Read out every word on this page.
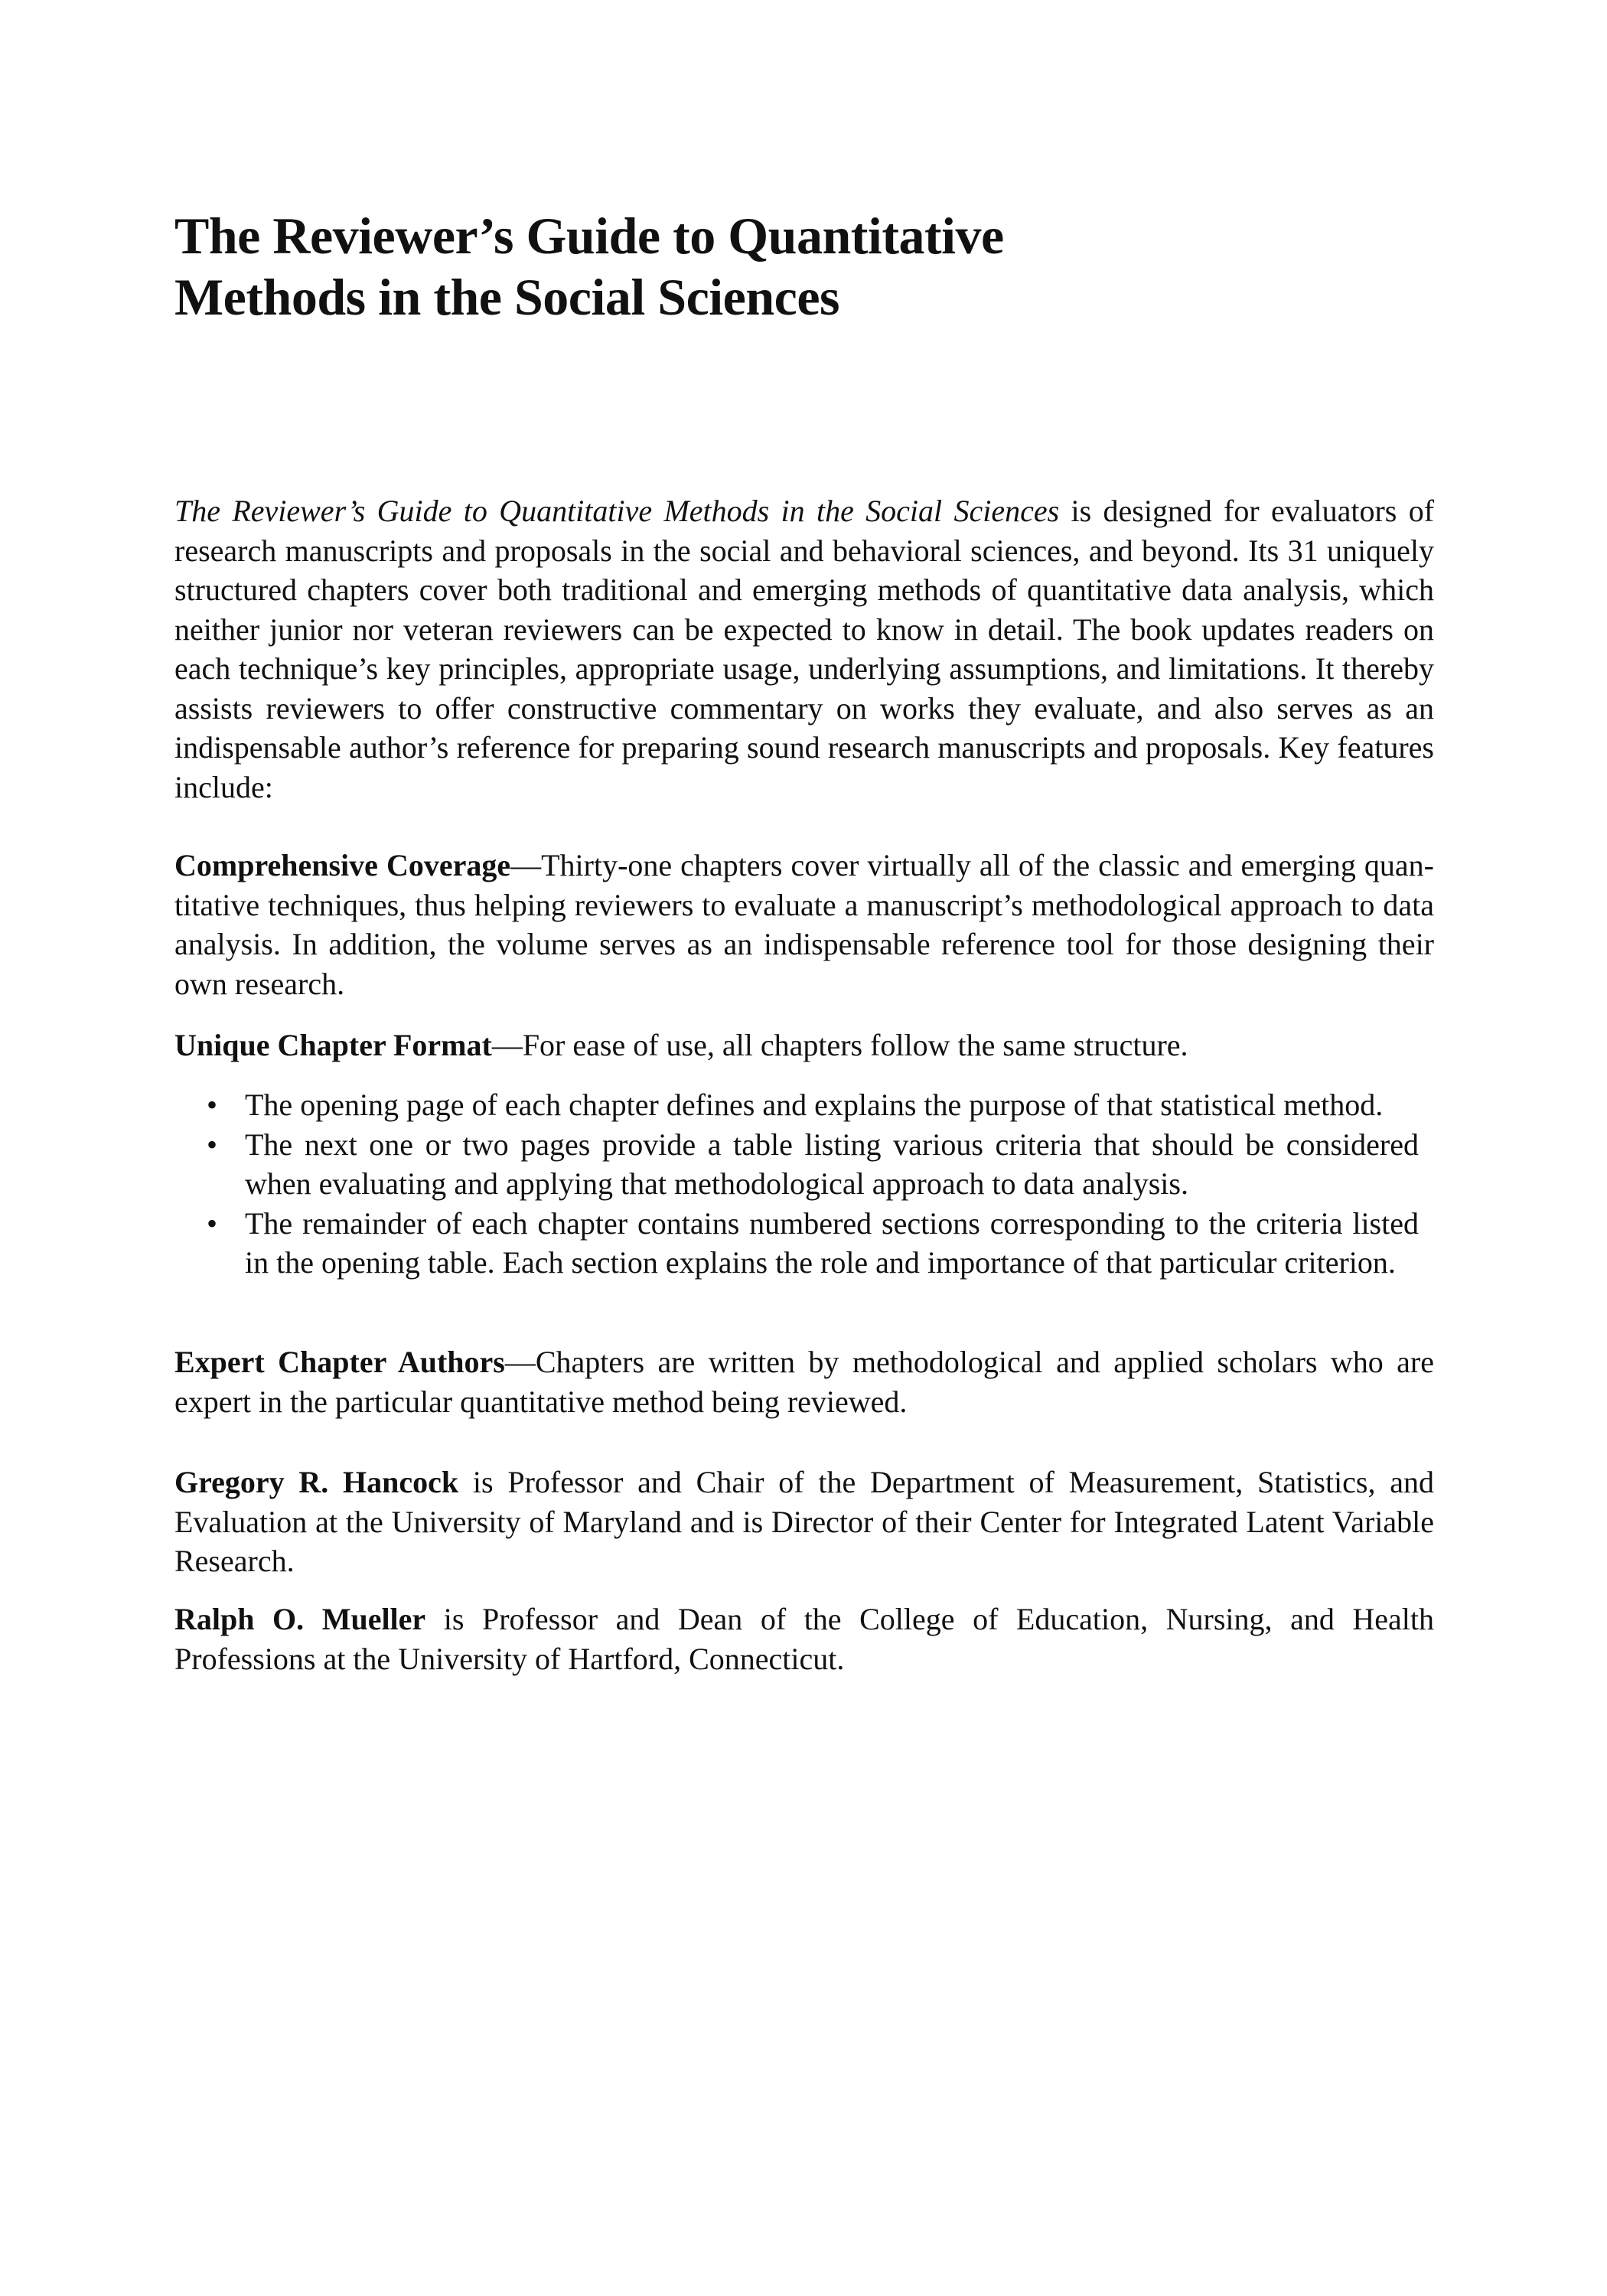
The Reviewer’s Guide to Quantitative
Methods in the Social Sciences

The Reviewer’s Guide to Quantitative Methods in the Social Sciences is designed for evaluators of research manuscripts and proposals in the social and behavioral sciences, and beyond. Its 31 uniquely structured chapters cover both traditional and emerging methods of quantitative data analysis, which neither junior nor veteran reviewers can be expected to know in detail. The book updates readers on each technique’s key principles, appropriate usage, underlying assumptions, and limitations. It thereby assists reviewers to offer constructive commentary on works they evaluate, and also serves as an indispensable author’s reference for preparing sound research manuscripts and proposals. Key features include:

Comprehensive Coverage—Thirty-one chapters cover virtually all of the classic and emerging quan-titative techniques, thus helping reviewers to evaluate a manuscript’s methodological approach to data analysis. In addition, the volume serves as an indispensable reference tool for those designing their own research.

Unique Chapter Format—For ease of use, all chapters follow the same structure.

• The opening page of each chapter defines and explains the purpose of that statistical method.
• The next one or two pages provide a table listing various criteria that should be considered when evaluating and applying that methodological approach to data analysis.
• The remainder of each chapter contains numbered sections corresponding to the criteria listed in the opening table. Each section explains the role and importance of that particular criterion.

Expert Chapter Authors—Chapters are written by methodological and applied scholars who are expert in the particular quantitative method being reviewed.

Gregory R. Hancock is Professor and Chair of the Department of Measurement, Statistics, and Evaluation at the University of Maryland and is Director of their Center for Integrated Latent Variable Research.

Ralph O. Mueller is Professor and Dean of the College of Education, Nursing, and Health Professions at the University of Hartford, Connecticut.
